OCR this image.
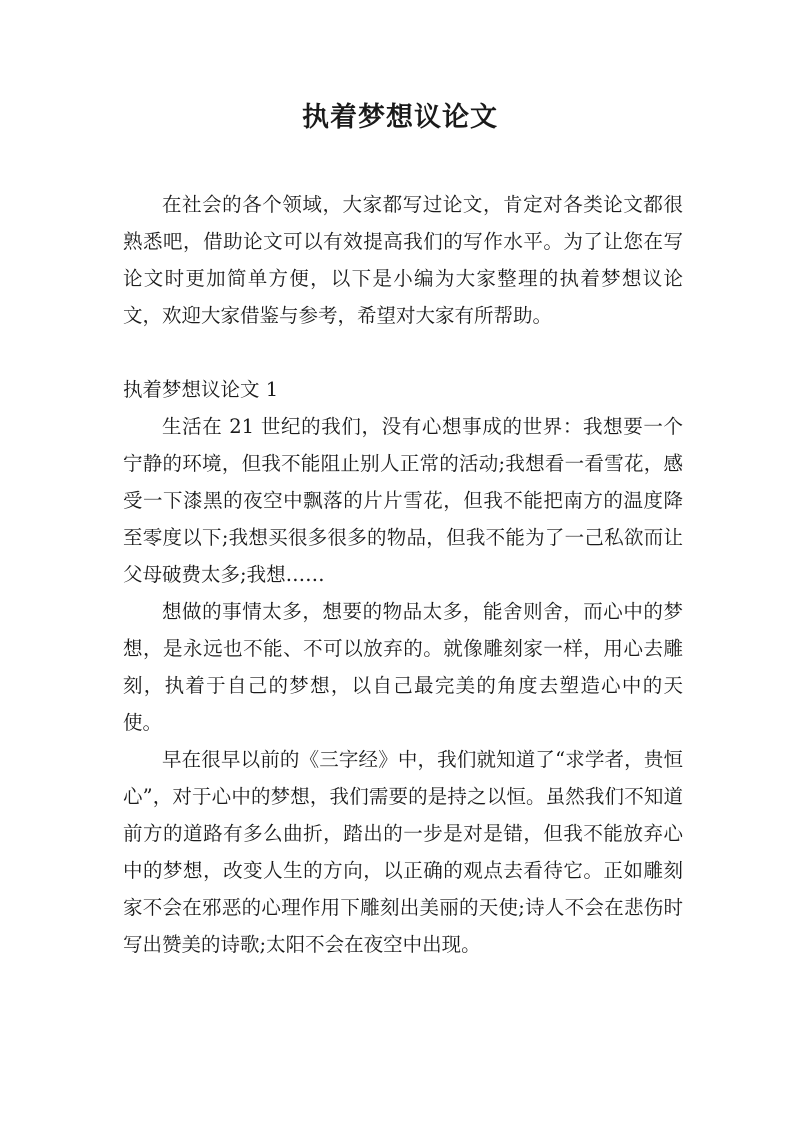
执着梦想议论文

在社会的各个领域，大家都写过论文，肯定对各类论文都很熟悉吧，借助论文可以有效提高我们的写作水平。为了让您在写论文时更加简单方便，以下是小编为大家整理的执着梦想议论文，欢迎大家借鉴与参考，希望对大家有所帮助。

执着梦想议论文 1

生活在 21 世纪的我们，没有心想事成的世界：我想要一个宁静的环境，但我不能阻止别人正常的活动;我想看一看雪花，感受一下漆黑的夜空中飘落的片片雪花，但我不能把南方的温度降至零度以下;我想买很多很多的物品，但我不能为了一己私欲而让父母破费太多;我想……

想做的事情太多，想要的物品太多，能舍则舍，而心中的梦想，是永远也不能、不可以放弃的。就像雕刻家一样，用心去雕刻，执着于自己的梦想，以自己最完美的角度去塑造心中的天使。

早在很早以前的《三字经》中，我们就知道了“求学者，贵恒心”，对于心中的梦想，我们需要的是持之以恒。虽然我们不知道前方的道路有多么曲折，踏出的一步是对是错，但我不能放弃心中的梦想，改变人生的方向，以正确的观点去看待它。正如雕刻家不会在邪恶的心理作用下雕刻出美丽的天使;诗人不会在悲伤时写出赞美的诗歌;太阳不会在夜空中出现。
